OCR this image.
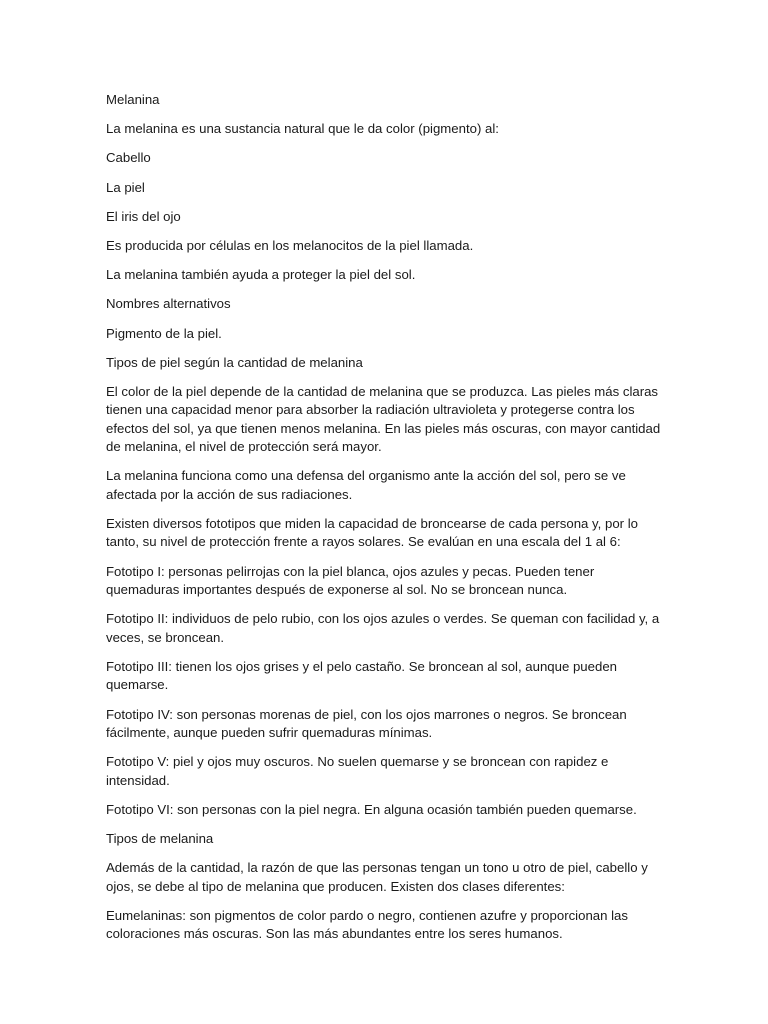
Melanina

La melanina es una sustancia natural que le da color (pigmento) al:

Cabello

La piel

El iris del ojo

Es producida por células en los melanocitos de la piel llamada.

La melanina también ayuda a proteger la piel del sol.

Nombres alternativos

Pigmento de la piel.

Tipos de piel según la cantidad de melanina

El color de la piel depende de la cantidad de melanina que se produzca. Las pieles más claras tienen una capacidad menor para absorber la radiación ultravioleta y protegerse contra los efectos del sol, ya que tienen menos melanina. En las pieles más oscuras, con mayor cantidad de melanina, el nivel de protección será mayor.

La melanina funciona como una defensa del organismo ante la acción del sol, pero se ve afectada por la acción de sus radiaciones.

Existen diversos fototipos que miden la capacidad de broncearse de cada persona y, por lo tanto, su nivel de protección frente a rayos solares. Se evalúan en una escala del 1 al 6:

Fototipo I: personas pelirrojas con la piel blanca, ojos azules y pecas. Pueden tener quemaduras importantes después de exponerse al sol. No se broncean nunca.

Fototipo II: individuos de pelo rubio, con los ojos azules o verdes. Se queman con facilidad y, a veces, se broncean.

Fototipo III: tienen los ojos grises y el pelo castaño. Se broncean al sol, aunque pueden quemarse.

Fototipo IV: son personas morenas de piel, con los ojos marrones o negros. Se broncean fácilmente, aunque pueden sufrir quemaduras mínimas.

Fototipo V: piel y ojos muy oscuros. No suelen quemarse y se broncean con rapidez e intensidad.

Fototipo VI: son personas con la piel negra. En alguna ocasión también pueden quemarse.

Tipos de melanina

Además de la cantidad, la razón de que las personas tengan un tono u otro de piel, cabello y ojos, se debe al tipo de melanina que producen. Existen dos clases diferentes:

Eumelaninas: son pigmentos de color pardo o negro, contienen azufre y proporcionan las coloraciones más oscuras. Son las más abundantes entre los seres humanos.
